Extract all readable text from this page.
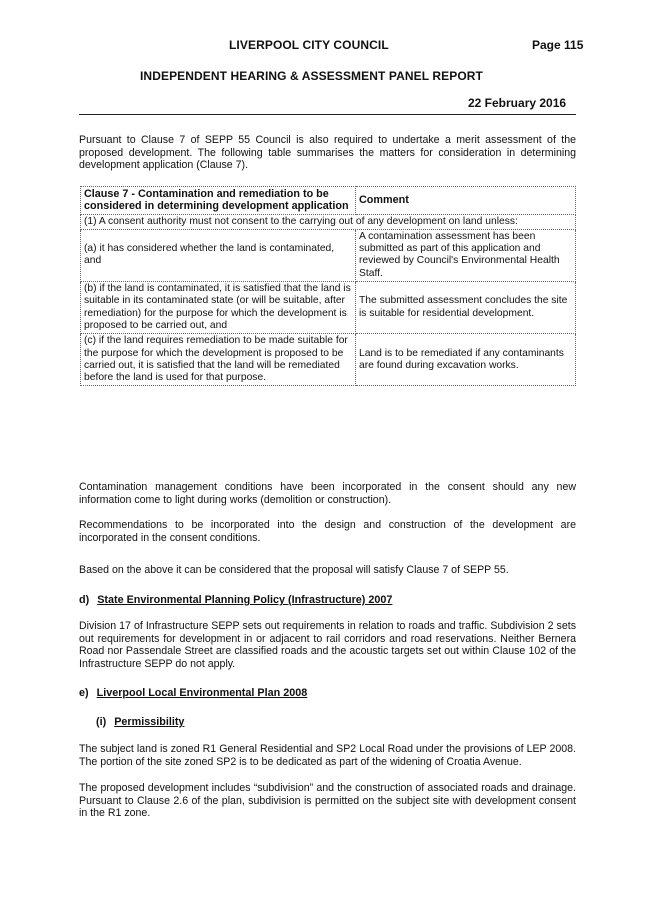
LIVERPOOL CITY COUNCIL	Page 115
INDEPENDENT HEARING & ASSESSMENT PANEL REPORT
22 February 2016
Pursuant to Clause 7 of SEPP 55 Council is also required to undertake a merit assessment of the proposed development. The following table summarises the matters for consideration in determining development application (Clause 7).
Clause 7 - Contamination and remediation to be considered in determining development application	Comment
(1) A consent authority must not consent to the carrying out of any development on land unless:	
(a) it has considered whether the land is contaminated, and	A contamination assessment has been submitted as part of this application and reviewed by Council's Environmental Health Staff.
(b) if the land is contaminated, it is satisfied that the land is suitable in its contaminated state (or will be suitable, after remediation) for the purpose for which the development is proposed to be carried out, and	The submitted assessment concludes the site is suitable for residential development.
(c) if the land requires remediation to be made suitable for the purpose for which the development is proposed to be carried out, it is satisfied that the land will be remediated before the land is used for that purpose.	Land is to be remediated if any contaminants are found during excavation works.
Contamination management conditions have been incorporated in the consent should any new information come to light during works (demolition or construction).
Recommendations to be incorporated into the design and construction of the development are incorporated in the consent conditions.
Based on the above it can be considered that the proposal will satisfy Clause 7 of SEPP 55.
d) State Environmental Planning Policy (Infrastructure) 2007
Division 17 of Infrastructure SEPP sets out requirements in relation to roads and traffic. Subdivision 2 sets out requirements for development in or adjacent to rail corridors and road reservations. Neither Bernera Road nor Passendale Street are classified roads and the acoustic targets set out within Clause 102 of the Infrastructure SEPP do not apply.
e) Liverpool Local Environmental Plan 2008
(i) Permissibility
The subject land is zoned R1 General Residential and SP2 Local Road under the provisions of LEP 2008. The portion of the site zoned SP2 is to be dedicated as part of the widening of Croatia Avenue.
The proposed development includes “subdivision” and the construction of associated roads and drainage. Pursuant to Clause 2.6 of the plan, subdivision is permitted on the subject site with development consent in the R1 zone.
